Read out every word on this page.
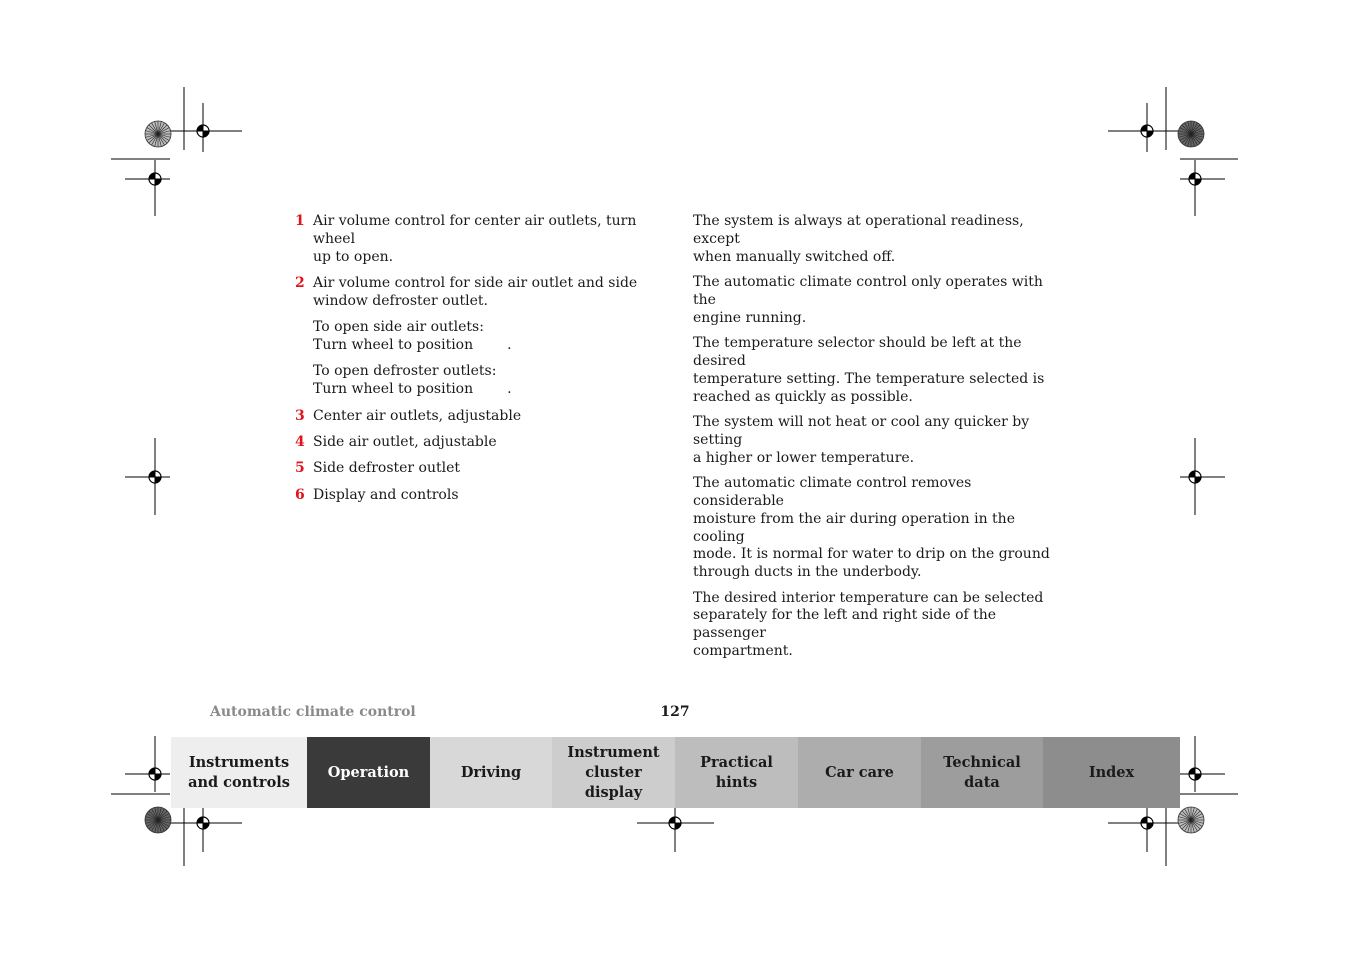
1 Air volume control for center air outlets, turn wheel
up to open.
2 Air volume control for side air outlet and side
window defroster outlet.
To open side air outlets:
Turn wheel to position .
To open defroster outlets:
Turn wheel to position .
3 Center air outlets, adjustable
4 Side air outlet, adjustable
5 Side defroster outlet
6 Display and controls

The system is always at operational readiness, except
when manually switched off.

The automatic climate control only operates with the
engine running.

The temperature selector should be left at the desired
temperature setting. The temperature selected is
reached as quickly as possible.

The system will not heat or cool any quicker by setting
a higher or lower temperature.

The automatic climate control removes considerable
moisture from the air during operation in the cooling
mode. It is normal for water to drip on the ground
through ducts in the underbody.

The desired interior temperature can be selected
separately for the left and right side of the passenger
compartment.

Automatic climate control	127
Instruments
and controls
Operation	Driving
Instrument
cluster display
Practical hints
Car care
Technical
data
Index
